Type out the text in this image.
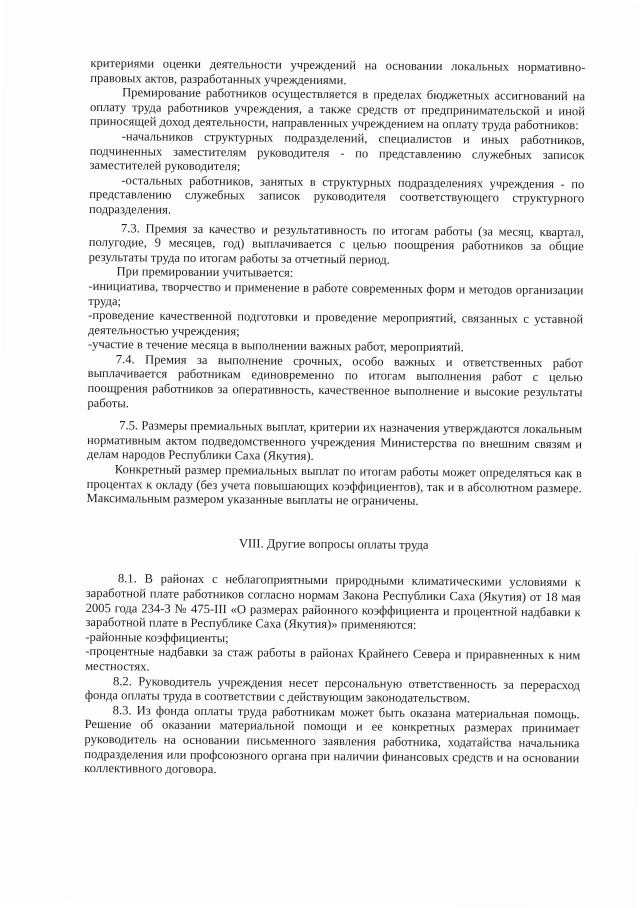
критериями оценки деятельности учреждений на основании локальных нормативно-правовых актов, разработанных учреждениями.

Премирование работников осуществляется в пределах бюджетных ассигнований на оплату труда работников учреждения, а также средств от предпринимательской и иной приносящей доход деятельности, направленных учреждением на оплату труда работников:

-начальников структурных подразделений, специалистов и иных работников, подчиненных заместителям руководителя - по представлению служебных записок заместителей руководителя;

-остальных работников, занятых в структурных подразделениях учреждения - по представлению служебных записок руководителя соответствующего структурного подразделения.

7.3. Премия за качество и результативность по итогам работы (за месяц, квартал, полугодие, 9 месяцев, год) выплачивается с целью поощрения работников за общие результаты труда по итогам работы за отчетный период.

При премировании учитывается:

-инициатива, творчество и применение в работе современных форм и методов организации труда;

-проведение качественной подготовки и проведение мероприятий, связанных с уставной деятельностью учреждения;

-участие в течение месяца в выполнении важных работ, мероприятий.

7.4. Премия за выполнение срочных, особо важных и ответственных работ выплачивается работникам единовременно по итогам выполнения работ с целью поощрения работников за оперативность, качественное выполнение и высокие результаты работы.

7.5. Размеры премиальных выплат, критерии их назначения утверждаются локальным нормативным актом подведомственного учреждения Министерства по внешним связям и делам народов Республики Саха (Якутия).

Конкретный размер премиальных выплат по итогам работы может определяться как в процентах к окладу (без учета повышающих коэффициентов), так и в абсолютном размере. Максимальным размером указанные выплаты не ограничены.

VIII. Другие вопросы оплаты труда

8.1. В районах с неблагоприятными природными климатическими условиями к заработной плате работников согласно нормам Закона Республики Саха (Якутия) от 18 мая 2005 года 234-З № 475-III «О размерах районного коэффициента и процентной надбавки к заработной плате в Республике Саха (Якутия)» применяются:

-районные коэффициенты;

-процентные надбавки за стаж работы в районах Крайнего Севера и приравненных к ним местностях.

8.2. Руководитель учреждения несет персональную ответственность за перерасход фонда оплаты труда в соответствии с действующим законодательством.

8.3. Из фонда оплаты труда работникам может быть оказана материальная помощь. Решение об оказании материальной помощи и ее конкретных размерах принимает руководитель на основании письменного заявления работника, ходатайства начальника подразделения или профсоюзного органа при наличии финансовых средств и на основании коллективного договора.
